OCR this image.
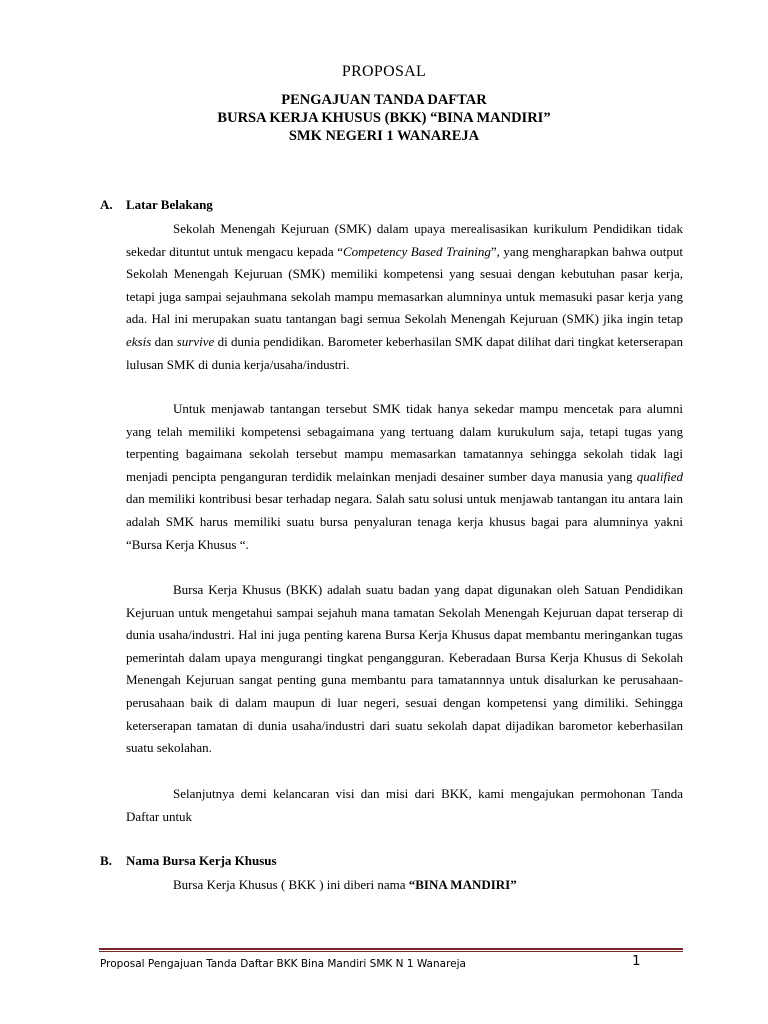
PROPOSAL
PENGAJUAN TANDA DAFTAR
BURSA KERJA KHUSUS (BKK) “BINA MANDIRI”
SMK NEGERI 1 WANAREJA
A. Latar Belakang
Sekolah Menengah Kejuruan (SMK) dalam upaya merealisasikan kurikulum Pendidikan tidak sekedar dituntut untuk mengacu kepada “Competency Based Training”, yang mengharapkan bahwa output Sekolah Menengah Kejuruan (SMK) memiliki kompetensi yang sesuai dengan kebutuhan pasar kerja, tetapi juga sampai sejauhmana sekolah mampu memasarkan alumninya untuk memasuki pasar kerja yang ada. Hal ini merupakan suatu tantangan bagi semua Sekolah Menengah Kejuruan (SMK) jika ingin tetap eksis dan survive di dunia pendidikan. Barometer keberhasilan SMK dapat dilihat dari tingkat keterserapan lulusan SMK di dunia kerja/usaha/industri.
Untuk menjawab tantangan tersebut SMK tidak hanya sekedar mampu mencetak para alumni yang telah memiliki kompetensi sebagaimana yang tertuang dalam kurukulum saja, tetapi tugas yang terpenting bagaimana sekolah tersebut mampu memasarkan tamatannya sehingga sekolah tidak lagi menjadi pencipta penganguran terdidik melainkan menjadi desainer sumber daya manusia yang qualified dan memiliki kontribusi besar terhadap negara. Salah satu solusi untuk menjawab tantangan itu antara lain adalah SMK harus memiliki suatu bursa penyaluran tenaga kerja khusus bagai para alumninya yakni “Bursa Kerja Khusus “.
Bursa Kerja Khusus (BKK) adalah suatu badan yang dapat digunakan oleh Satuan Pendidikan Kejuruan untuk mengetahui sampai sejahuh mana tamatan Sekolah Menengah Kejuruan dapat terserap di dunia usaha/industri. Hal ini juga penting karena Bursa Kerja Khusus dapat membantu meringankan tugas pemerintah dalam upaya mengurangi tingkat pengangguran. Keberadaan Bursa Kerja Khusus di Sekolah Menengah Kejuruan sangat penting guna membantu para tamatannnya untuk disalurkan ke perusahaan-perusahaan baik di dalam maupun di luar negeri, sesuai dengan kompetensi yang dimiliki. Sehingga keterserapan tamatan di dunia usaha/industri dari suatu sekolah dapat dijadikan barometor keberhasilan suatu sekolahan.
Selanjutnya demi kelancaran visi dan misi dari BKK, kami mengajukan permohonan Tanda Daftar untuk
B. Nama Bursa Kerja Khusus
Bursa Kerja Khusus ( BKK ) ini diberi nama “BINA MANDIRI”
Proposal Pengajuan Tanda Daftar BKK Bina Mandiri SMK N 1 Wanareja	1
